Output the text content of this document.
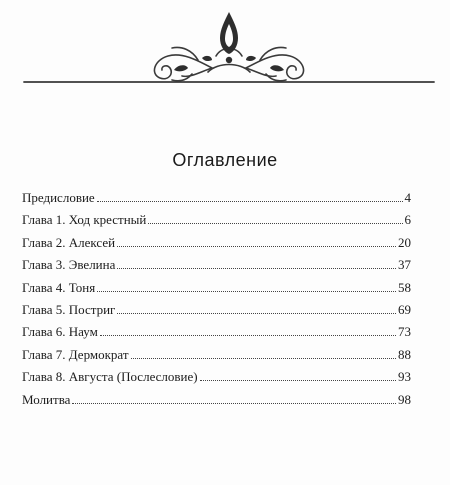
Оглавление
Предисловие	4
Глава 1. Ход крестный	6
Глава 2. Алексей	20
Глава 3. Эвелина	37
Глава 4. Тоня	58
Глава 5. Постриг	69
Глава 6. Наум	73
Глава 7. Дермократ	88
Глава 8. Августа (Послесловие)	93
Молитва	98
